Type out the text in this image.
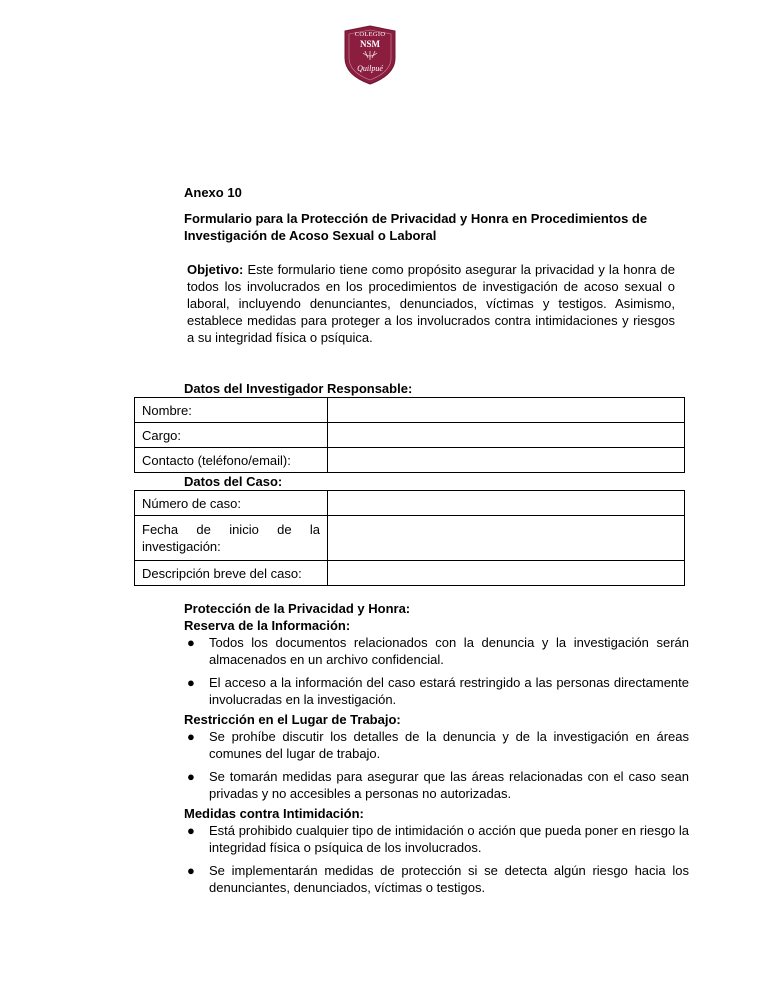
COLEGIO
NSM
Quilpué
Anexo 10
Formulario para la Protección de Privacidad y Honra en Procedimientos de Investigación de Acoso Sexual o Laboral
Objetivo: Este formulario tiene como propósito asegurar la privacidad y la honra de todos los involucrados en los procedimientos de investigación de acoso sexual o laboral, incluyendo denunciantes, denunciados, víctimas y testigos. Asimismo, establece medidas para proteger a los involucrados contra intimidaciones y riesgos a su integridad física o psíquica.
Datos del Investigador Responsable:
Nombre:	
Cargo:	
Contacto (teléfono/email):	
Datos del Caso:
Número de caso:	
Fecha de inicio de la investigación:	
Descripción breve del caso:	
Protección de la Privacidad y Honra:
Reserva de la Información:
● Todos los documentos relacionados con la denuncia y la investigación serán almacenados en un archivo confidencial.
● El acceso a la información del caso estará restringido a las personas directamente involucradas en la investigación.
Restricción en el Lugar de Trabajo:
● Se prohíbe discutir los detalles de la denuncia y de la investigación en áreas comunes del lugar de trabajo.
● Se tomarán medidas para asegurar que las áreas relacionadas con el caso sean privadas y no accesibles a personas no autorizadas.
Medidas contra Intimidación:
● Está prohibido cualquier tipo de intimidación o acción que pueda poner en riesgo la integridad física o psíquica de los involucrados.
● Se implementarán medidas de protección si se detecta algún riesgo hacia los denunciantes, denunciados, víctimas o testigos.
